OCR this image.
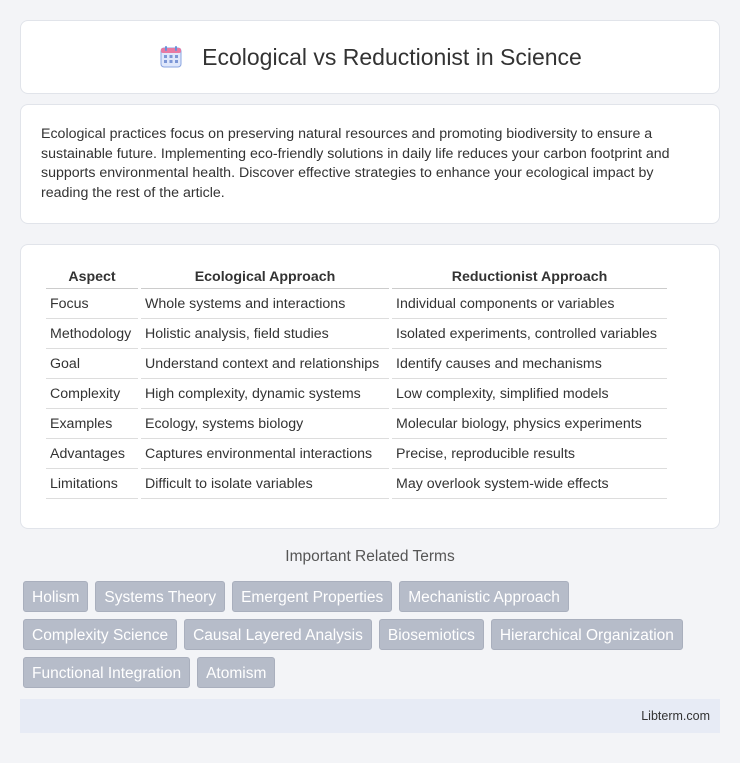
Ecological vs Reductionist in Science

Ecological practices focus on preserving natural resources and promoting biodiversity to ensure a sustainable future. Implementing eco-friendly solutions in daily life reduces your carbon footprint and supports environmental health. Discover effective strategies to enhance your ecological impact by reading the rest of the article.

Aspect	Ecological Approach	Reductionist Approach
Focus	Whole systems and interactions	Individual components or variables
Methodology	Holistic analysis, field studies	Isolated experiments, controlled variables
Goal	Understand context and relationships	Identify causes and mechanisms
Complexity	High complexity, dynamic systems	Low complexity, simplified models
Examples	Ecology, systems biology	Molecular biology, physics experiments
Advantages	Captures environmental interactions	Precise, reproducible results
Limitations	Difficult to isolate variables	May overlook system-wide effects
Important Related Terms
Holism	Systems Theory	Emergent Properties	Mechanistic Approach
Complexity Science	Causal Layered Analysis	Biosemiotics	Hierarchical Organization
Functional Integration	Atomism
Libterm.com
